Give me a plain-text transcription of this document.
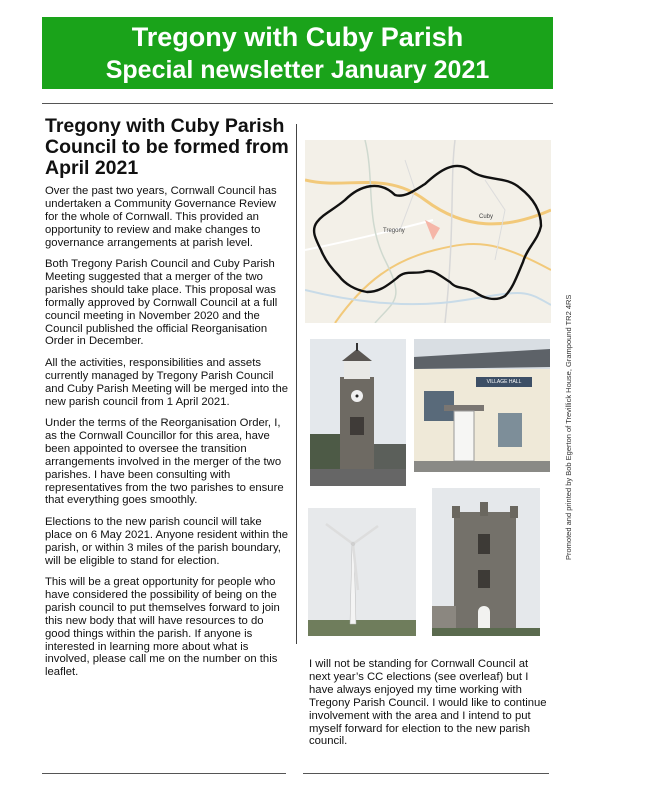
Tregony with Cuby Parish
Special newsletter January 2021
Tregony with Cuby Parish Council to be formed from April 2021

Over the past two years, Cornwall Council has undertaken a Community Governance Review for the whole of Cornwall. This provided an opportunity to review and make changes to governance arrangements at parish level.

Both Tregony Parish Council and Cuby Parish Meeting suggested that a merger of the two parishes should take place. This proposal was formally approved by Cornwall Council at a full council meeting in November 2020 and the Council published the official Reorganisation Order in December.

All the activities, responsibilities and assets currently managed by Tregony Parish Council and Cuby Parish Meeting will be merged into the new parish council from 1 April 2021.

Under the terms of the Reorganisation Order, I, as the Cornwall Councillor for this area, have been appointed to oversee the transition arrangements involved in the merger of the two parishes. I have been consulting with representatives from the two parishes to ensure that everything goes smoothly.

Elections to the new parish council will take place on 6 May 2021. Anyone resident within the parish, or within 3 miles of the parish boundary, will be eligible to stand for election.

This will be a great opportunity for people who have considered the possibility of being on the parish council to put themselves forward to join this new body that will have resources to do good things within the parish. If anyone is interested in learning more about what is involved, please call me on the number on this leaflet.

Tregony
Cuby
VILLAGE HALL
I will not be standing for Cornwall Council at next year’s CC elections (see overleaf) but I have always enjoyed my time working with Tregony Parish Council. I would like to continue involvement with the area and I intend to put myself forward for election to the new parish council.
Promoted and printed by Bob Egerton of Trevillick House, Grampound TR2 4RS
